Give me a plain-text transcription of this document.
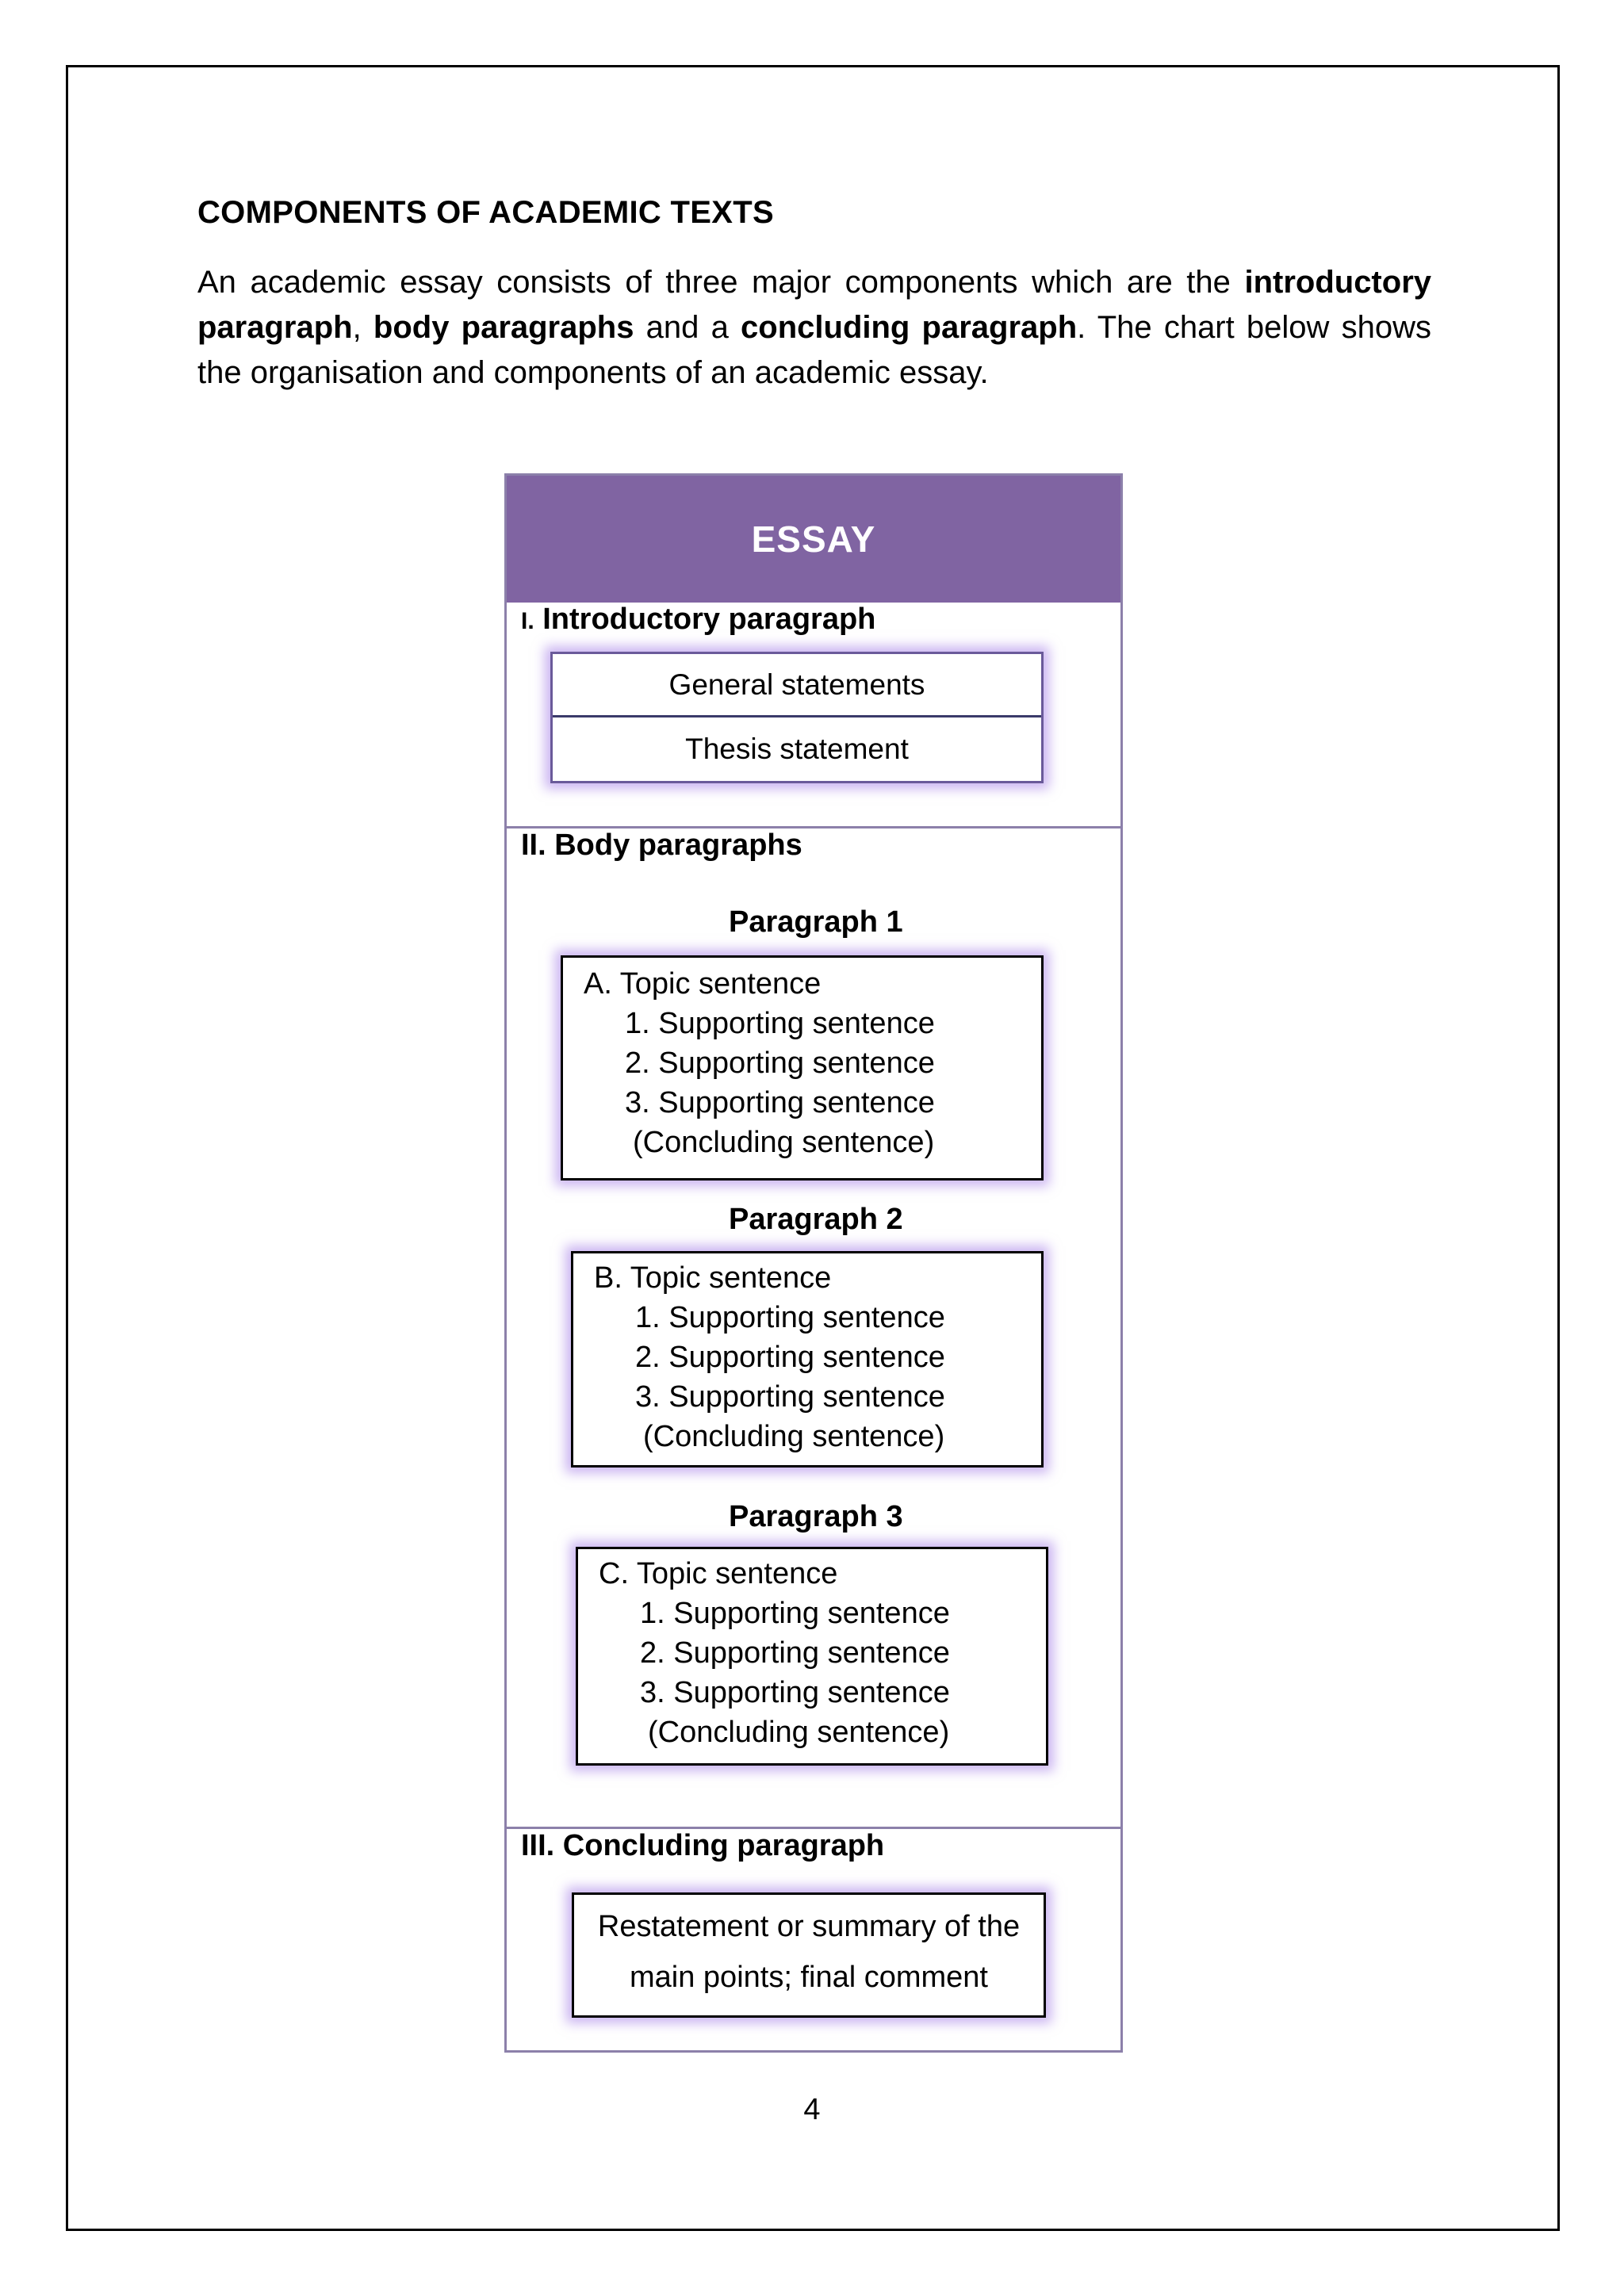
COMPONENTS OF ACADEMIC TEXTS

An academic essay consists of three major components which are the introductory paragraph, body paragraphs and a concluding paragraph. The chart below shows the organisation and components of an academic essay.

ESSAY
I. Introductory paragraph
General statements
Thesis statement
II. Body paragraphs
Paragraph 1
A. Topic sentence
1. Supporting sentence
2. Supporting sentence
3. Supporting sentence
(Concluding sentence)
Paragraph 2
B. Topic sentence
1. Supporting sentence
2. Supporting sentence
3. Supporting sentence
(Concluding sentence)
Paragraph 3
C. Topic sentence
1. Supporting sentence
2. Supporting sentence
3. Supporting sentence
(Concluding sentence)
III. Concluding paragraph
Restatement or summary of the
main points; final comment
4
